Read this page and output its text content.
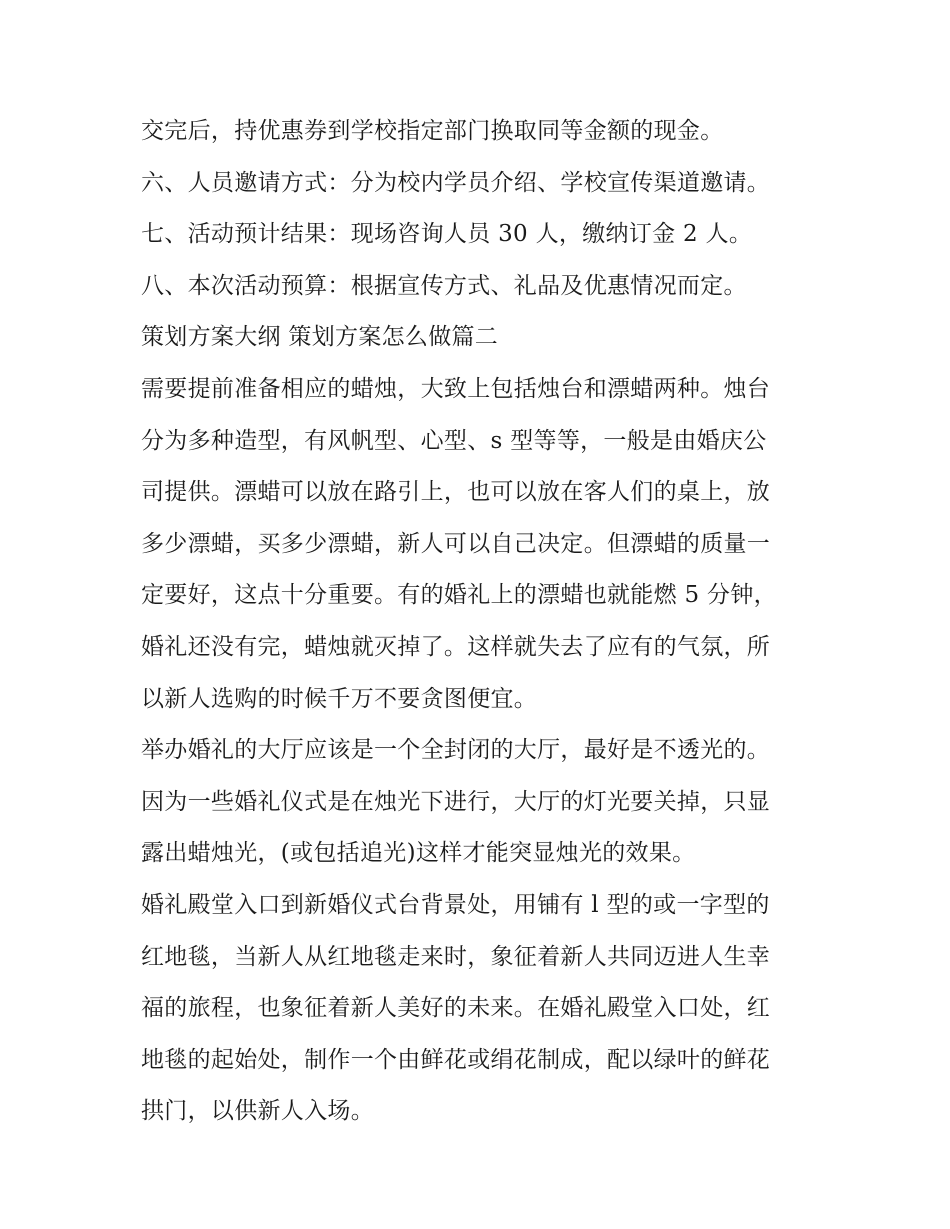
交完后，持优惠券到学校指定部门换取同等金额的现金。
六、人员邀请方式：分为校内学员介绍、学校宣传渠道邀请。
七、活动预计结果：现场咨询人员 30 人，缴纳订金 2 人。
八、本次活动预算：根据宣传方式、礼品及优惠情况而定。
策划方案大纲 策划方案怎么做篇二
需要提前准备相应的蜡烛，大致上包括烛台和漂蜡两种。烛台
分为多种造型，有风帆型、心型、s 型等等，一般是由婚庆公
司提供。漂蜡可以放在路引上，也可以放在客人们的桌上，放
多少漂蜡，买多少漂蜡，新人可以自己决定。但漂蜡的质量一
定要好，这点十分重要。有的婚礼上的漂蜡也就能燃 5 分钟，
婚礼还没有完，蜡烛就灭掉了。这样就失去了应有的气氛，所
以新人选购的时候千万不要贪图便宜。
举办婚礼的大厅应该是一个全封闭的大厅，最好是不透光的。
因为一些婚礼仪式是在烛光下进行，大厅的灯光要关掉，只显
露出蜡烛光，(或包括追光)这样才能突显烛光的效果。
婚礼殿堂入口到新婚仪式台背景处，用铺有 l 型的或一字型的
红地毯，当新人从红地毯走来时，象征着新人共同迈进人生幸
福的旅程，也象征着新人美好的未来。在婚礼殿堂入口处，红
地毯的起始处，制作一个由鲜花或绢花制成，配以绿叶的鲜花
拱门，以供新人入场。
